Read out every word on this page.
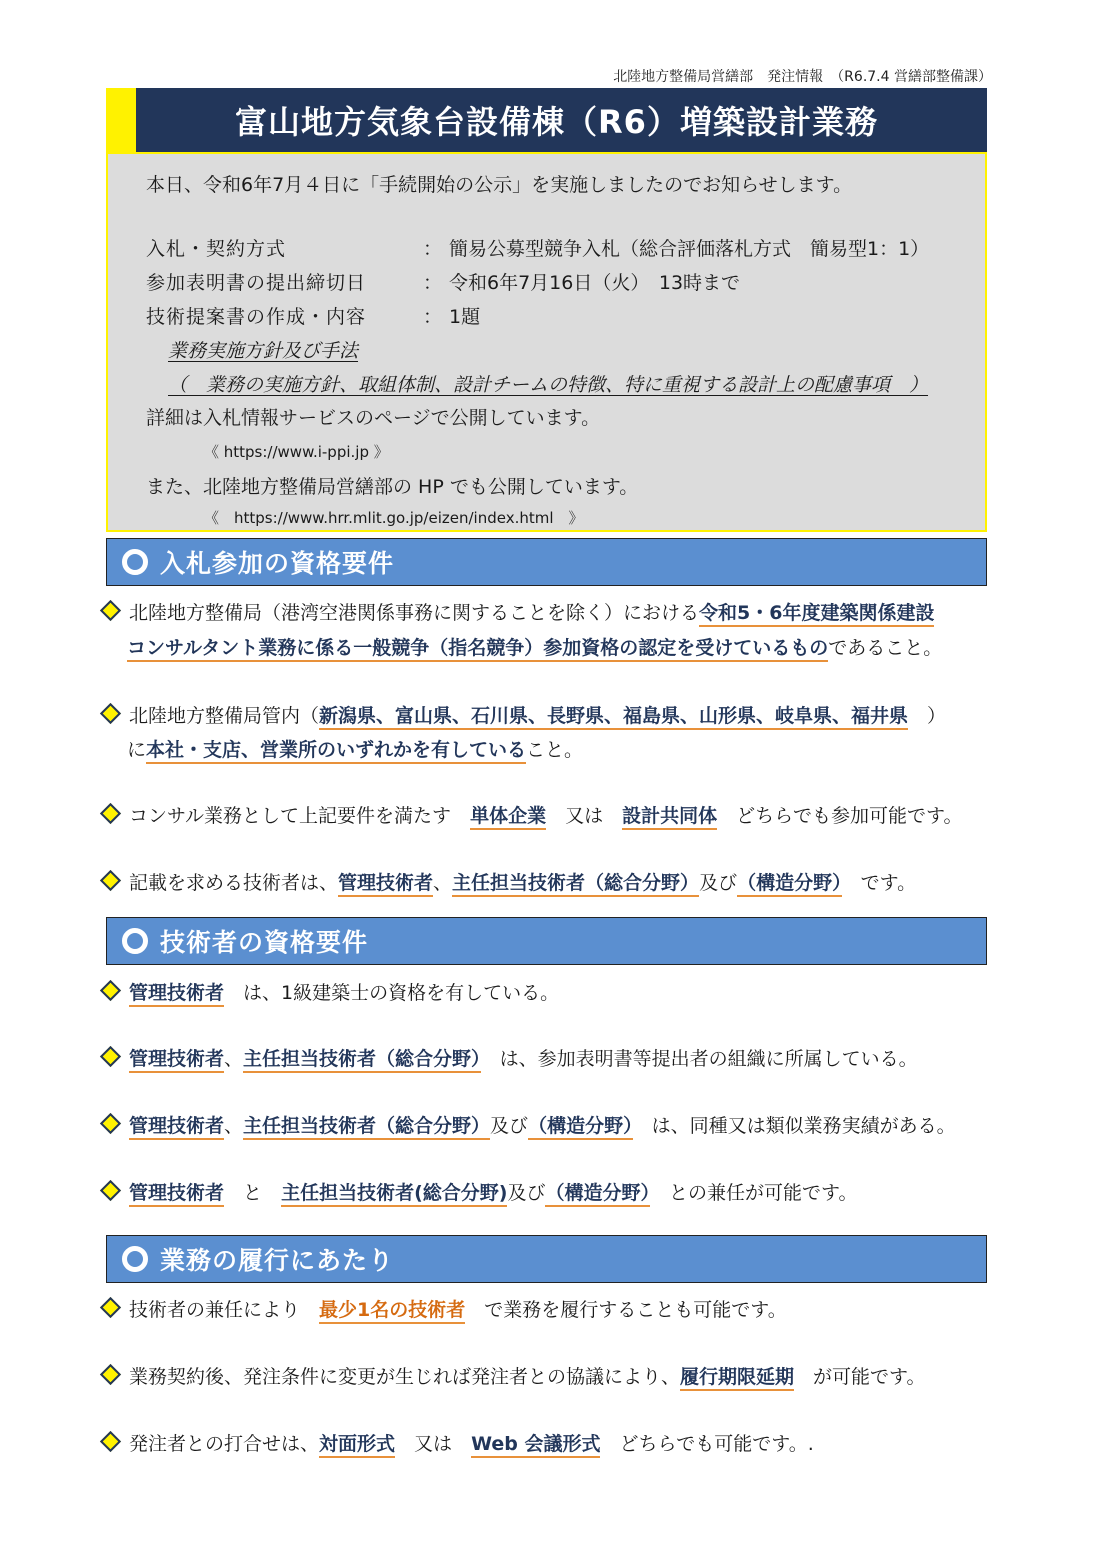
北陸地方整備局営繕部　発注情報　（R6.7.4 営繕部整備課）
富山地方気象台設備棟（R6）増築設計業務
本日、令和6年7月４日に「手続開始の公示」を実施しましたのでお知らせします。
入札・契約方式	： 簡易公募型競争入札（総合評価落札方式　簡易型1：1）
参加表明書の提出締切日	： 令和6年7月16日（火）　13時まで
技術提案書の作成・内容	： 1題
業務実施方針及び手法
（　業務の実施方針、取組体制、設計チームの特徴、特に重視する設計上の配慮事項　）
詳細は入札情報サービスのページで公開しています。
《 https://www.i-ppi.jp 》
また、北陸地方整備局営繕部の HP でも公開しています。
《　https://www.hrr.mlit.go.jp/eizen/index.html　》
入札参加の資格要件
北陸地方整備局（港湾空港関係事務に関することを除く）における令和5・6年度建築関係建設
コンサルタント業務に係る一般競争（指名競争）参加資格の認定を受けているものであること。
北陸地方整備局管内（新潟県、富山県、石川県、長野県、福島県、山形県、岐阜県、福井県　 ）
に本社・支店、営業所のいずれかを有していること。
コンサル業務として上記要件を満たす　 単体企業　 又は　 設計共同体　 どちらでも参加可能です。
記載を求める技術者は、管理技術者、主任担当技術者（総合分野）及び（構造分野）　 です。
技術者の資格要件
管理技術者　 は、1級建築士の資格を有している。
管理技術者、主任担当技術者（総合分野）　 は、参加表明書等提出者の組織に所属している。
管理技術者、主任担当技術者（総合分野）及び（構造分野）　 は、同種又は類似業務実績がある。
管理技術者　 と　 主任担当技術者(総合分野)及び（構造分野）　 との兼任が可能です。
業務の履行にあたり
技術者の兼任により　 最少1名の技術者　 で業務を履行することも可能です。
業務契約後、発注条件に変更が生じれば発注者との協議により、履行期限延期　 が可能です。
発注者との打合せは、対面形式　 又は　 Web 会議形式　 どちらでも可能です。.
